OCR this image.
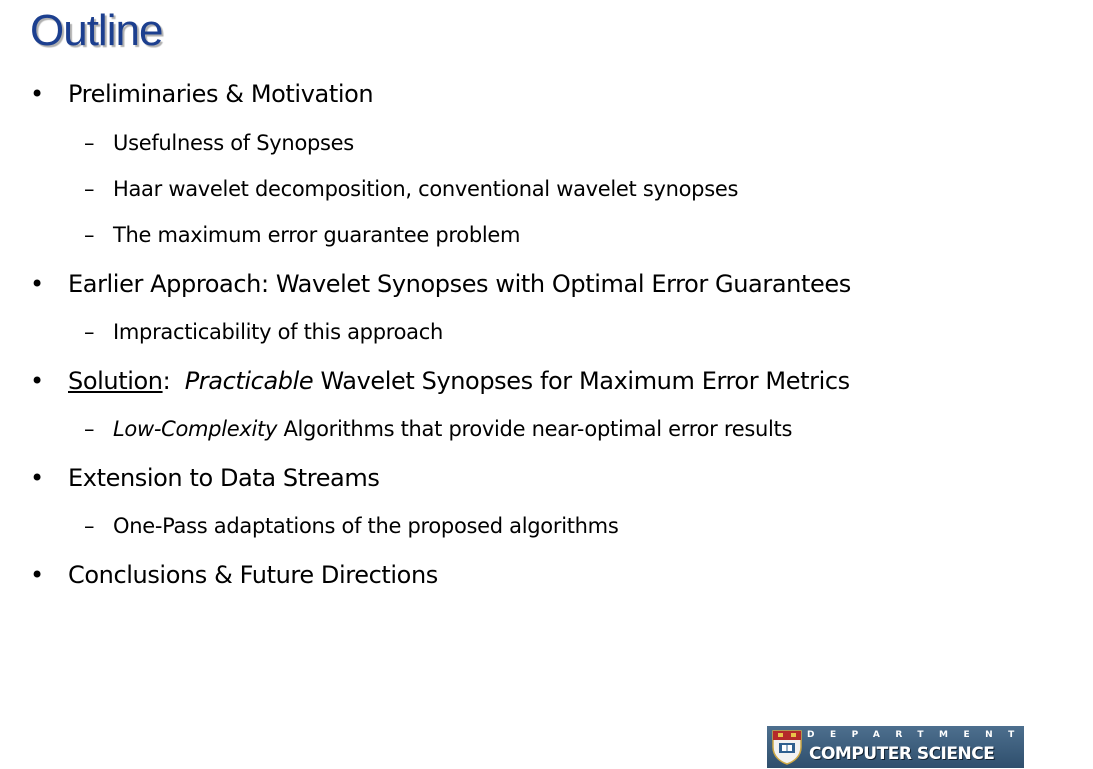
Outline
• Preliminaries & Motivation
– Usefulness of Synopses
– Haar wavelet decomposition, conventional wavelet synopses
– The maximum error guarantee problem
• Earlier Approach: Wavelet Synopses with Optimal Error Guarantees
– Impracticability of this approach
• Solution: Practicable Wavelet Synopses for Maximum Error Metrics
– Low-Complexity Algorithms that provide near-optimal error results
• Extension to Data Streams
– One-Pass adaptations of the proposed algorithms
• Conclusions & Future Directions
DEPARTMENT OF
COMPUTER SCIENCE
